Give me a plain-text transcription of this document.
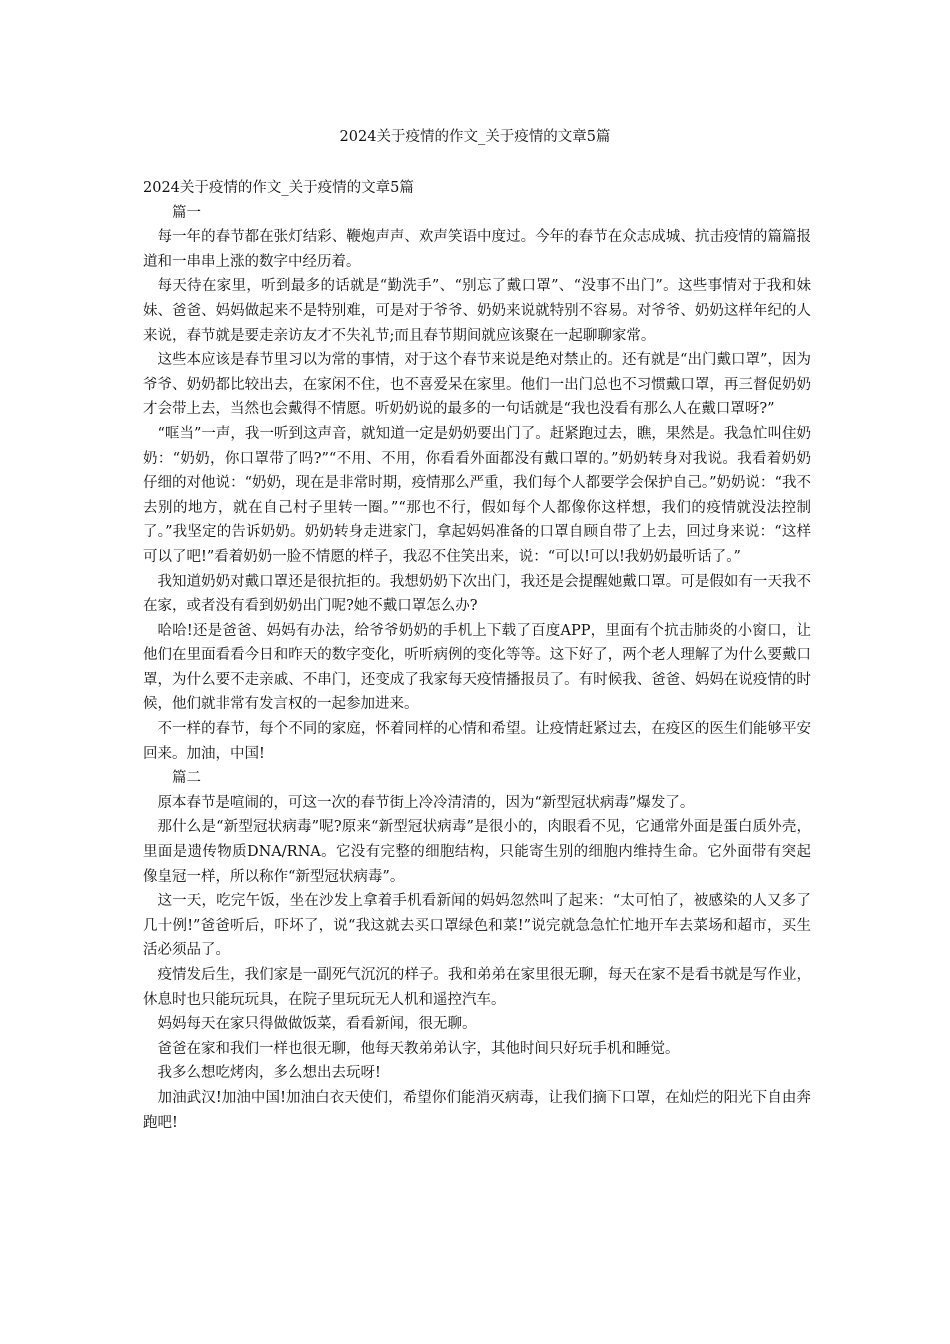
2024关于疫情的作文_关于疫情的文章5篇

2024关于疫情的作文_关于疫情的文章5篇

篇一

每一年的春节都在张灯结彩、鞭炮声声、欢声笑语中度过。今年的春节在众志成城、抗击疫情的篇篇报道和一串串上涨的数字中经历着。

每天待在家里，听到最多的话就是“勤洗手”、“别忘了戴口罩”、“没事不出门”。这些事情对于我和妹妹、爸爸、妈妈做起来不是特别难，可是对于爷爷、奶奶来说就特别不容易。对爷爷、奶奶这样年纪的人来说，春节就是要走亲访友才不失礼节;而且春节期间就应该聚在一起聊聊家常。

这些本应该是春节里习以为常的事情，对于这个春节来说是绝对禁止的。还有就是“出门戴口罩”，因为爷爷、奶奶都比较出去，在家闲不住，也不喜爱呆在家里。他们一出门总也不习惯戴口罩，再三督促奶奶才会带上去，当然也会戴得不情愿。听奶奶说的最多的一句话就是“我也没看有那么人在戴口罩呀?”

“哐当”一声，我一听到这声音，就知道一定是奶奶要出门了。赶紧跑过去，瞧，果然是。我急忙叫住奶奶：“奶奶，你口罩带了吗?”“不用、不用，你看看外面都没有戴口罩的。”奶奶转身对我说。我看着奶奶仔细的对他说：“奶奶，现在是非常时期，疫情那么严重，我们每个人都要学会保护自己。”奶奶说：“我不去别的地方，就在自己村子里转一圈。”“那也不行，假如每个人都像你这样想，我们的疫情就没法控制了。”我坚定的告诉奶奶。奶奶转身走进家门，拿起妈妈准备的口罩自顾自带了上去，回过身来说：“这样可以了吧!”看着奶奶一脸不情愿的样子，我忍不住笑出来，说：“可以!可以!我奶奶最听话了。”

我知道奶奶对戴口罩还是很抗拒的。我想奶奶下次出门，我还是会提醒她戴口罩。可是假如有一天我不在家，或者没有看到奶奶出门呢?她不戴口罩怎么办?

哈哈!还是爸爸、妈妈有办法，给爷爷奶奶的手机上下载了百度APP，里面有个抗击肺炎的小窗口，让他们在里面看看今日和昨天的数字变化，听听病例的变化等等。这下好了，两个老人理解了为什么要戴口罩，为什么要不走亲戚、不串门，还变成了我家每天疫情播报员了。有时候我、爸爸、妈妈在说疫情的时候，他们就非常有发言权的一起参加进来。

不一样的春节，每个不同的家庭，怀着同样的心情和希望。让疫情赶紧过去，在疫区的医生们能够平安回来。加油，中国!

篇二

原本春节是喧闹的，可这一次的春节街上冷冷清清的，因为“新型冠状病毒”爆发了。

那什么是“新型冠状病毒”呢?原来“新型冠状病毒”是很小的，肉眼看不见，它通常外面是蛋白质外壳，里面是遗传物质DNA/RNA。它没有完整的细胞结构，只能寄生别的细胞内维持生命。它外面带有突起像皇冠一样，所以称作“新型冠状病毒”。

这一天，吃完午饭，坐在沙发上拿着手机看新闻的妈妈忽然叫了起来：“太可怕了，被感染的人又多了几十例!”爸爸听后，吓坏了，说“我这就去买口罩绿色和菜!”说完就急急忙忙地开车去菜场和超市，买生活必须品了。

疫情发后生，我们家是一副死气沉沉的样子。我和弟弟在家里很无聊，每天在家不是看书就是写作业，休息时也只能玩玩具，在院子里玩玩无人机和遥控汽车。

妈妈每天在家只得做做饭菜，看看新闻，很无聊。

爸爸在家和我们一样也很无聊，他每天教弟弟认字，其他时间只好玩手机和睡觉。

我多么想吃烤肉，多么想出去玩呀!

加油武汉!加油中国!加油白衣天使们，希望你们能消灭病毒，让我们摘下口罩，在灿烂的阳光下自由奔跑吧!
